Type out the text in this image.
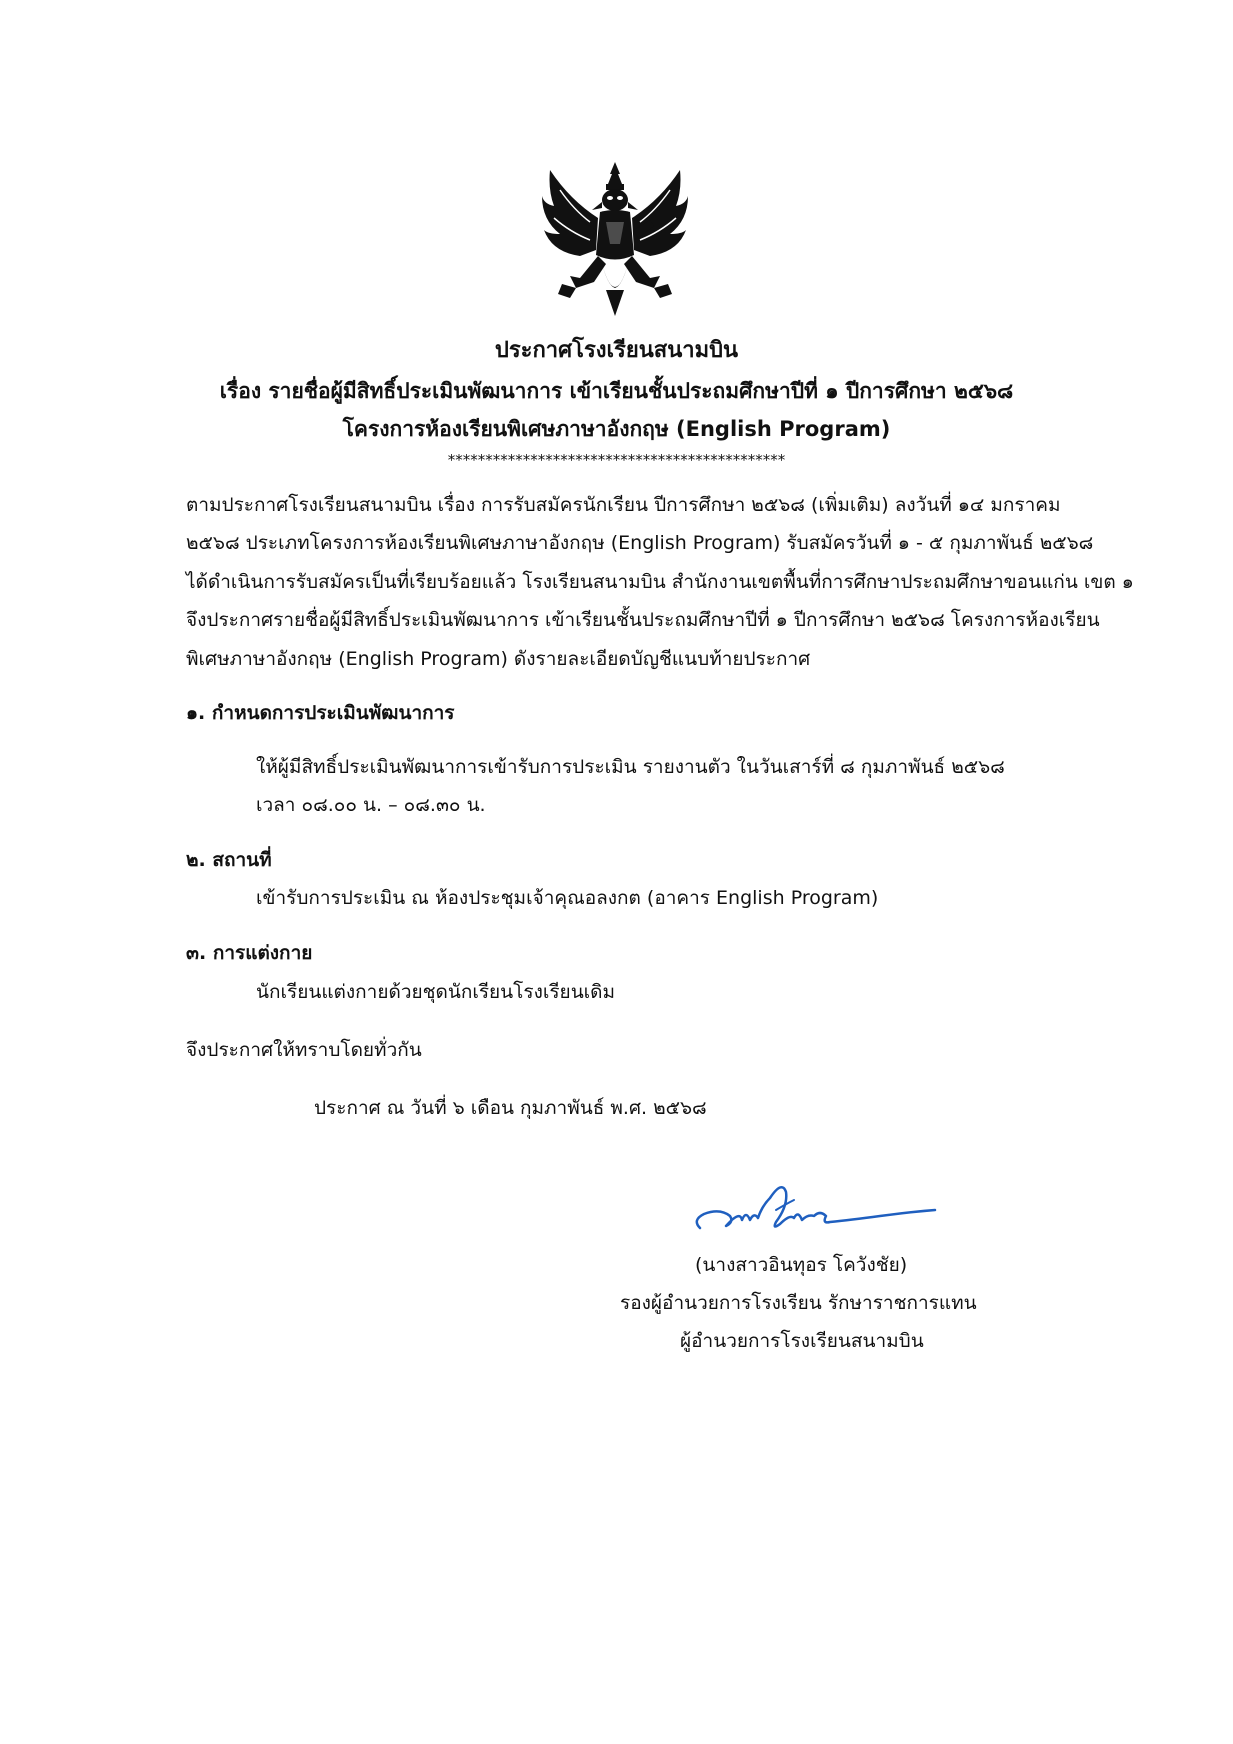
ประกาศโรงเรียนสนามบิน
เรื่อง รายชื่อผู้มีสิทธิ์ประเมินพัฒนาการ เข้าเรียนชั้นประถมศึกษาปีที่ ๑ ปีการศึกษา ๒๕๖๘
โครงการห้องเรียนพิเศษภาษาอังกฤษ (English Program)
*********************************************
ตามประกาศโรงเรียนสนามบิน เรื่อง การรับสมัครนักเรียน ปีการศึกษา ๒๕๖๘ (เพิ่มเติม) ลงวันที่ ๑๔ มกราคม
๒๕๖๘ ประเภทโครงการห้องเรียนพิเศษภาษาอังกฤษ (English Program) รับสมัครวันที่ ๑ - ๕ กุมภาพันธ์ ๒๕๖๘
ได้ดำเนินการรับสมัครเป็นที่เรียบร้อยแล้ว โรงเรียนสนามบิน สำนักงานเขตพื้นที่การศึกษาประถมศึกษาขอนแก่น เขต ๑
จึงประกาศรายชื่อผู้มีสิทธิ์ประเมินพัฒนาการ เข้าเรียนชั้นประถมศึกษาปีที่ ๑ ปีการศึกษา ๒๕๖๘ โครงการห้องเรียน
พิเศษภาษาอังกฤษ (English Program) ดังรายละเอียดบัญชีแนบท้ายประกาศ
๑. กำหนดการประเมินพัฒนาการ
ให้ผู้มีสิทธิ์ประเมินพัฒนาการเข้ารับการประเมิน รายงานตัว ในวันเสาร์ที่ ๘ กุมภาพันธ์ ๒๕๖๘
เวลา ๐๘.๐๐ น. – ๐๘.๓๐ น.
๒. สถานที่
เข้ารับการประเมิน ณ ห้องประชุมเจ้าคุณอลงกต (อาคาร English Program)
๓. การแต่งกาย
นักเรียนแต่งกายด้วยชุดนักเรียนโรงเรียนเดิม
จึงประกาศให้ทราบโดยทั่วกัน
ประกาศ ณ วันที่ ๖ เดือน กุมภาพันธ์ พ.ศ. ๒๕๖๘
(นางสาวอินทุอร โควังชัย)
รองผู้อำนวยการโรงเรียน รักษาราชการแทน
ผู้อำนวยการโรงเรียนสนามบิน
